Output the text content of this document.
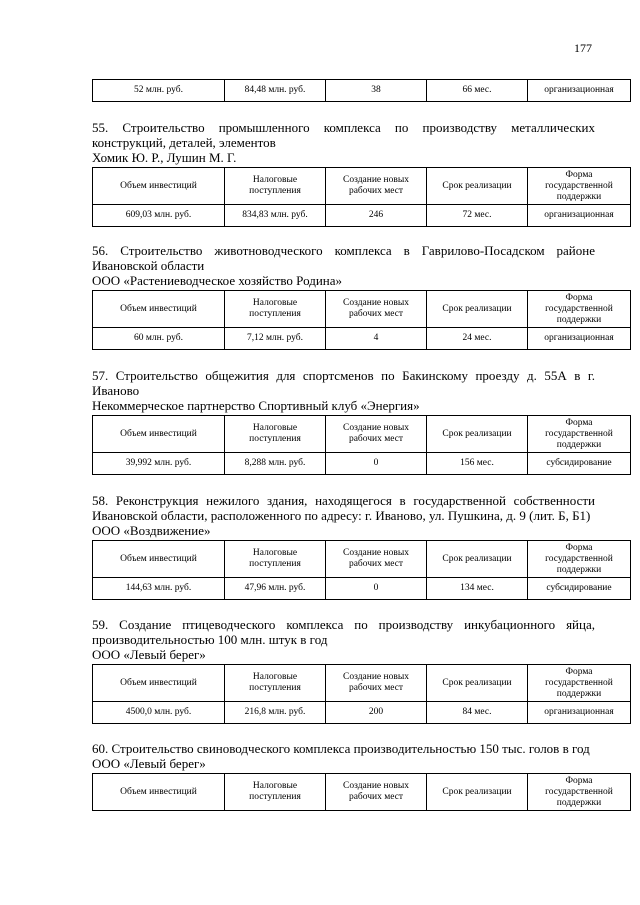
177
52 млн. руб.	84,48 млн. руб.	38	66 мес.	организационная
55. Строительство промышленного комплекса по производству металлических конструкций, деталей, элементов
Хомик Ю. Р., Лушин М. Г.
Объем инвестиций	Налоговые поступления	Создание новых рабочих мест	Срок реализации	Форма государственной поддержки
609,03 млн. руб.	834,83 млн. руб.	246	72 мес.	организационная
56. Строительство животноводческого комплекса в Гаврилово-Посадском районе Ивановской области
ООО «Растениеводческое хозяйство Родина»
Объем инвестиций	Налоговые поступления	Создание новых рабочих мест	Срок реализации	Форма государственной поддержки
60 млн. руб.	7,12 млн. руб.	4	24 мес.	организационная
57. Строительство общежития для спортсменов по Бакинскому проезду д. 55А в г. Иваново
Некоммерческое партнерство Спортивный клуб «Энергия»
Объем инвестиций	Налоговые поступления	Создание новых рабочих мест	Срок реализации	Форма государственной поддержки
39,992 млн. руб.	8,288 млн. руб.	0	156 мес.	субсидирование
58. Реконструкция нежилого здания, находящегося в государственной собственности Ивановской области, расположенного по адресу: г. Иваново, ул. Пушкина, д. 9 (лит. Б, Б1)
ООО «Воздвижение»
Объем инвестиций	Налоговые поступления	Создание новых рабочих мест	Срок реализации	Форма государственной поддержки
144,63 млн. руб.	47,96 млн. руб.	0	134 мес.	субсидирование
59. Создание птицеводческого комплекса по производству инкубационного яйца, производительностью 100 млн. штук в год
ООО «Левый берег»
Объем инвестиций	Налоговые поступления	Создание новых рабочих мест	Срок реализации	Форма государственной поддержки
4500,0 млн. руб.	216,8 млн. руб.	200	84 мес.	организационная
60. Строительство свиноводческого комплекса производительностью 150 тыс. голов в год
ООО «Левый берег»
Объем инвестиций	Налоговые поступления	Создание новых рабочих мест	Срок реализации	Форма государственной поддержки
